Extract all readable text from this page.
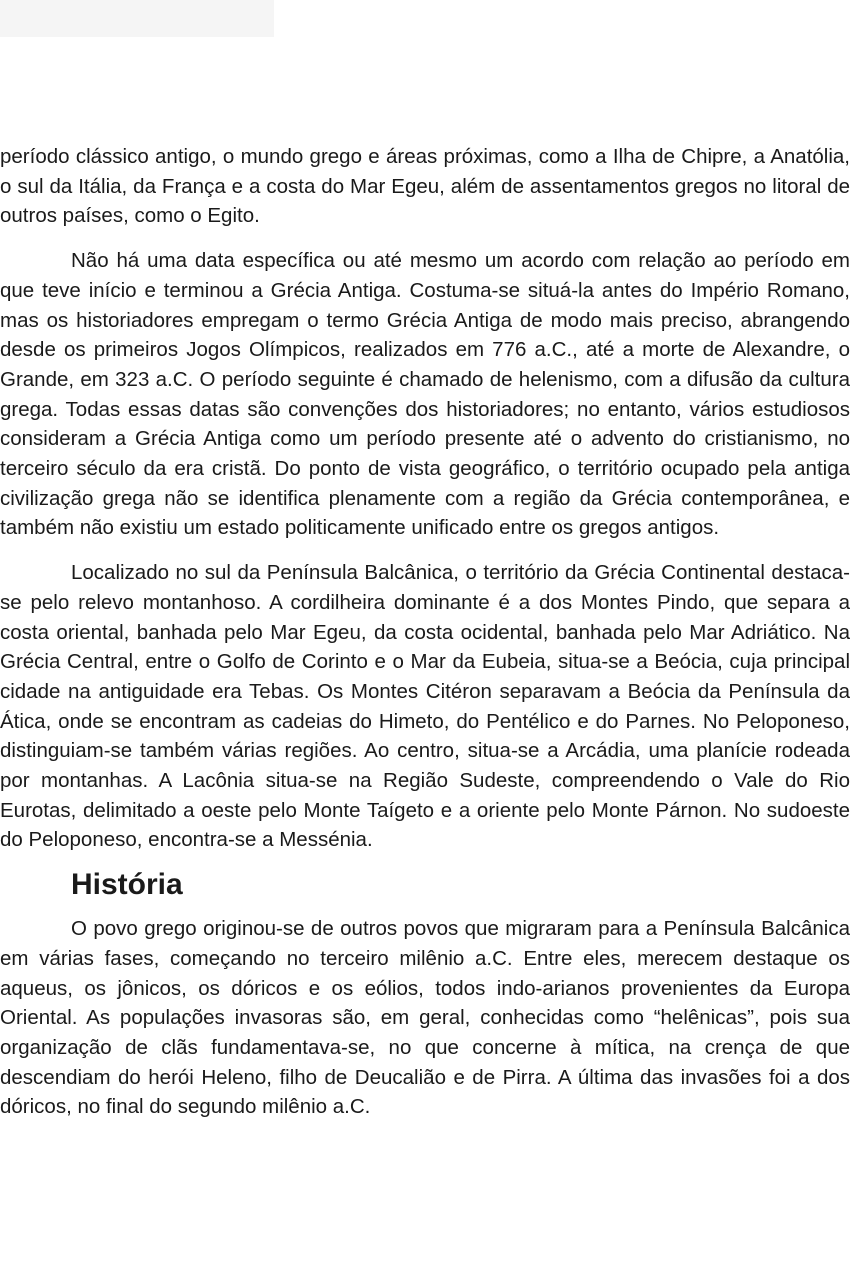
período clássico antigo, o mundo grego e áreas próximas, como a Ilha de Chipre, a Anatólia, o sul da Itália, da França e a costa do Mar Egeu, além de assentamentos gregos no litoral de outros países, como o Egito.

Não há uma data específica ou até mesmo um acordo com relação ao período em que teve início e terminou a Grécia Antiga. Costuma-se situá-la antes do Império Romano, mas os historiadores empregam o termo Grécia Antiga de modo mais preciso, abrangendo desde os primeiros Jogos Olímpicos, realizados em 776 a.C., até a morte de Alexandre, o Grande, em 323 a.C. O período seguinte é chamado de helenismo, com a difusão da cultura grega. Todas essas datas são convenções dos historiadores; no entanto, vários estudiosos consideram a Grécia Antiga como um período presente até o advento do cristianismo, no terceiro século da era cristã. Do ponto de vista geográfico, o território ocupado pela antiga civilização grega não se identifica plenamente com a região da Grécia contemporânea, e também não existiu um estado politicamente unificado entre os gregos antigos.

Localizado no sul da Península Balcânica, o território da Grécia Continental destaca-se pelo relevo montanhoso. A cordilheira dominante é a dos Montes Pindo, que separa a costa oriental, banhada pelo Mar Egeu, da costa ocidental, banhada pelo Mar Adriático. Na Grécia Central, entre o Golfo de Corinto e o Mar da Eubeia, situa-se a Beócia, cuja principal cidade na antiguidade era Tebas. Os Montes Citéron separavam a Beócia da Península da Ática, onde se encontram as cadeias do Himeto, do Pentélico e do Parnes. No Peloponeso, distinguiam-se também várias regiões. Ao centro, situa-se a Arcádia, uma planície rodeada por montanhas. A Lacônia situa-se na Região Sudeste, compreendendo o Vale do Rio Eurotas, delimitado a oeste pelo Monte Taígeto e a oriente pelo Monte Párnon. No sudoeste do Peloponeso, encontra-se a Messénia.

História

O povo grego originou-se de outros povos que migraram para a Península Balcânica em várias fases, começando no terceiro milênio a.C. Entre eles, merecem destaque os aqueus, os jônicos, os dóricos e os eólios, todos indo-arianos provenientes da Europa Oriental. As populações invasoras são, em geral, conhecidas como “helênicas”, pois sua organização de clãs fundamentava-se, no que concerne à mítica, na crença de que descendiam do herói Heleno, filho de Deucalião e de Pirra. A última das invasões foi a dos dóricos, no final do segundo milênio a.C.
